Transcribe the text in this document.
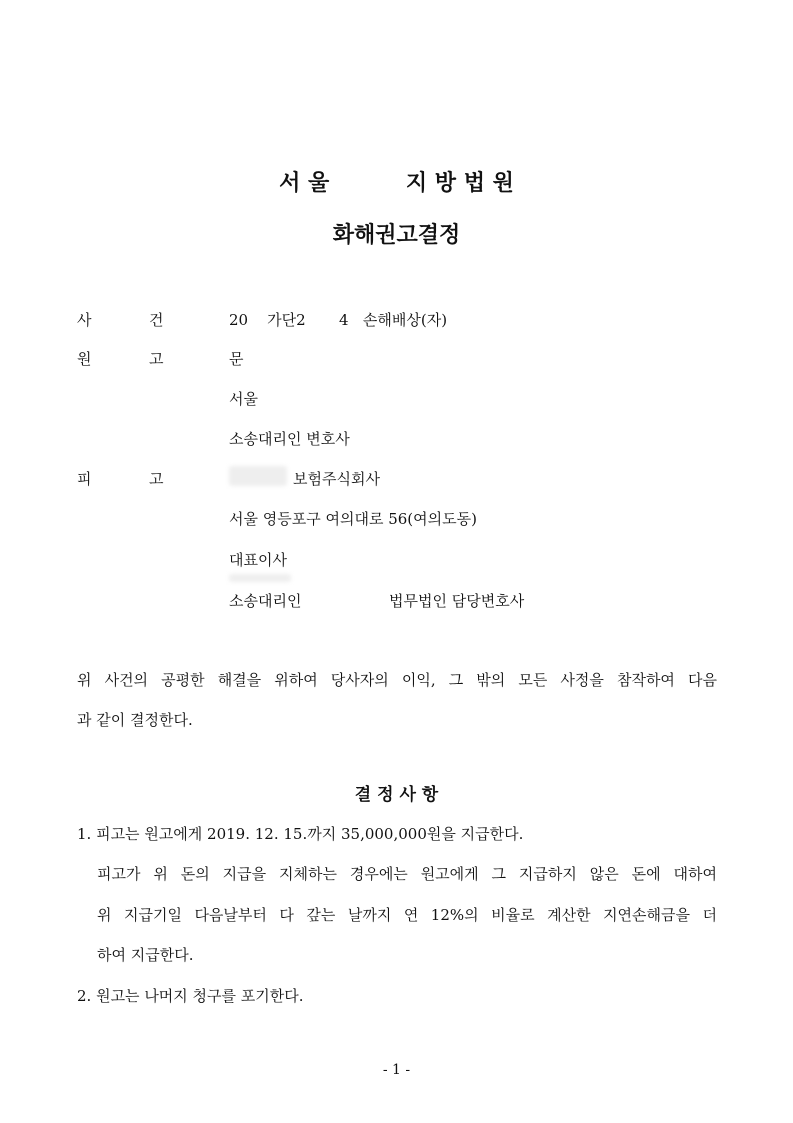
서 울          지 방 법 원
화해권고결정
사	건	20    가단2       4   손해배상(자)
원	고	문
서울
소송대리인 변호사
피	고	보험주식회사
서울 영등포구 여의대로 56(여의도동)
대표이사
소송대리인	법무법인 담당변호사
위 사건의 공평한 해결을 위하여 당사자의 이익, 그 밖의 모든 사정을 참작하여 다음
과 같이 결정한다.
결 정 사 항
1. 피고는 원고에게 2019. 12. 15.까지 35,000,000원을 지급한다.
피고가 위 돈의 지급을 지체하는 경우에는 원고에게 그 지급하지 않은 돈에 대하여
위 지급기일 다음날부터 다 갚는 날까지 연 12%의 비율로 계산한 지연손해금을 더
하여 지급한다.
2. 원고는 나머지 청구를 포기한다.
- 1 -
